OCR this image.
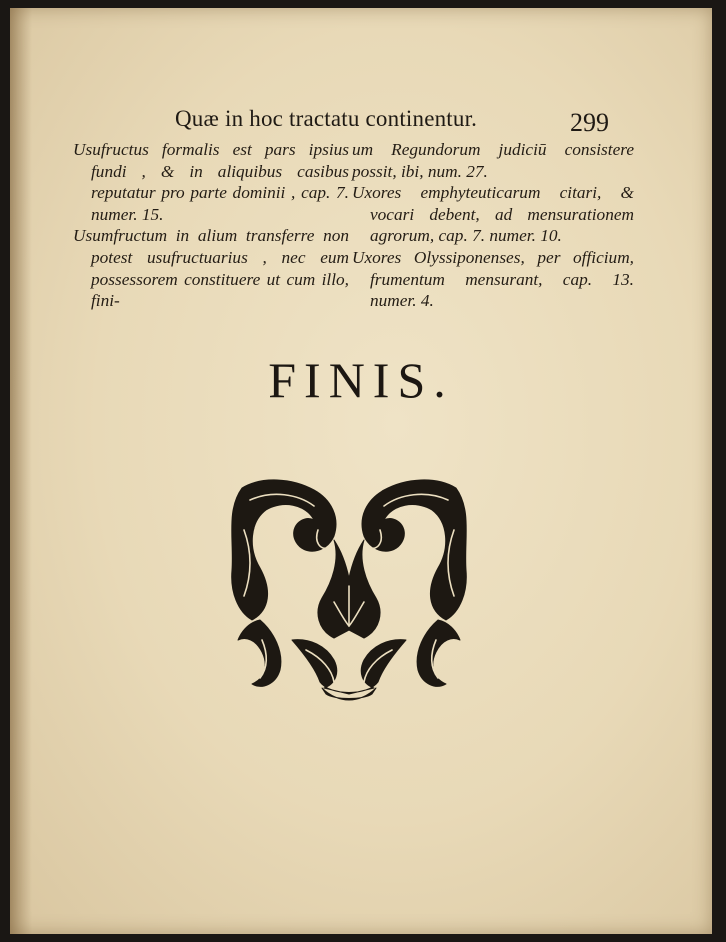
Quæ in hoc tractatu continentur.	299

Usufructus formalis est pars ipsius fundi , & in aliquibus casibus reputatur pro parte dominii , cap. 7. numer. 15.

Usumfructum in alium transferre non potest usufructuarius , nec eum possessorem constituere ut cum illo, fini-

um Regundorum judiciū consistere possit, ibi, num. 27.

Uxores emphyteuticarum citari, & vocari debent, ad mensurationem agrorum, cap. 7. numer. 10.

Uxores Olyssiponenses, per officium, frumentum mensurant, cap. 13. numer. 4.

FINIS.
